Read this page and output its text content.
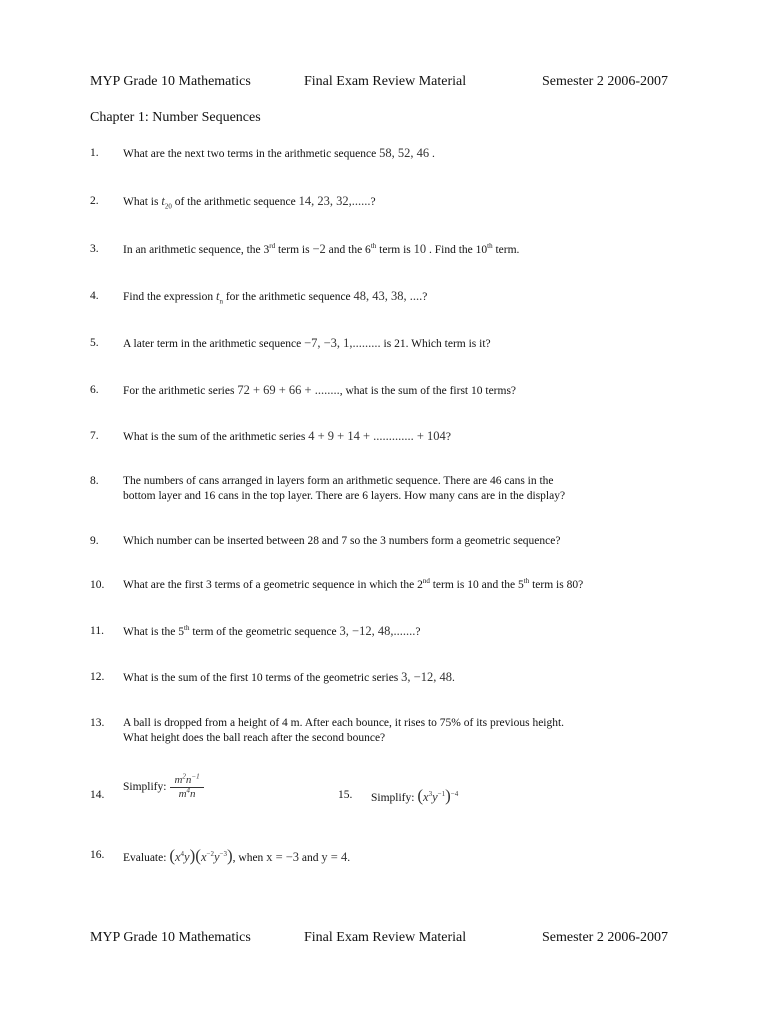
MYP Grade 10 Mathematics	Final Exam Review Material	Semester 2 2006-2007
Chapter 1: Number Sequences
1. What are the next two terms in the arithmetic sequence 58, 52, 46 .
2. What is $t_{20}$ of the arithmetic sequence 14, 23, 32,......?
3. In an arithmetic sequence, the 3rd term is −2 and the 6th term is 10 . Find the 10th term.
4. Find the expression $t_n$ for the arithmetic sequence 48, 43, 38, ....?
5. A later term in the arithmetic sequence −7, −3, 1,......... is 21. Which term is it?
6. For the arithmetic series 72 + 69 + 66 + ........, what is the sum of the first 10 terms?
7. What is the sum of the arithmetic series 4 + 9 + 14 + ............. + 104?
8. The numbers of cans arranged in layers form an arithmetic sequence. There are 46 cans in the
bottom layer and 16 cans in the top layer. There are 6 layers. How many cans are in the display?
9. Which number can be inserted between 28 and 7 so the 3 numbers form a geometric sequence?
10. What are the first 3 terms of a geometric sequence in which the 2nd term is 10 and the 5th term is 80?
11. What is the 5th term of the geometric sequence 3, −12, 48,.......?
12. What is the sum of the first 10 terms of the geometric series 3, −12, 48.
13. A ball is dropped from a height of 4 m. After each bounce, it rises to 75% of its previous height.
What height does the ball reach after the second bounce?
14.
Simplify: $\frac{m^2n^{-1}}{m^4n}$	15. Simplify: $(x^3y^{-1})^{-4}$
16. Evaluate: $(x^4y)(x^{-2}y^{-3})$, when x = −3 and y = 4.
MYP Grade 10 Mathematics	Final Exam Review Material	Semester 2 2006-2007
